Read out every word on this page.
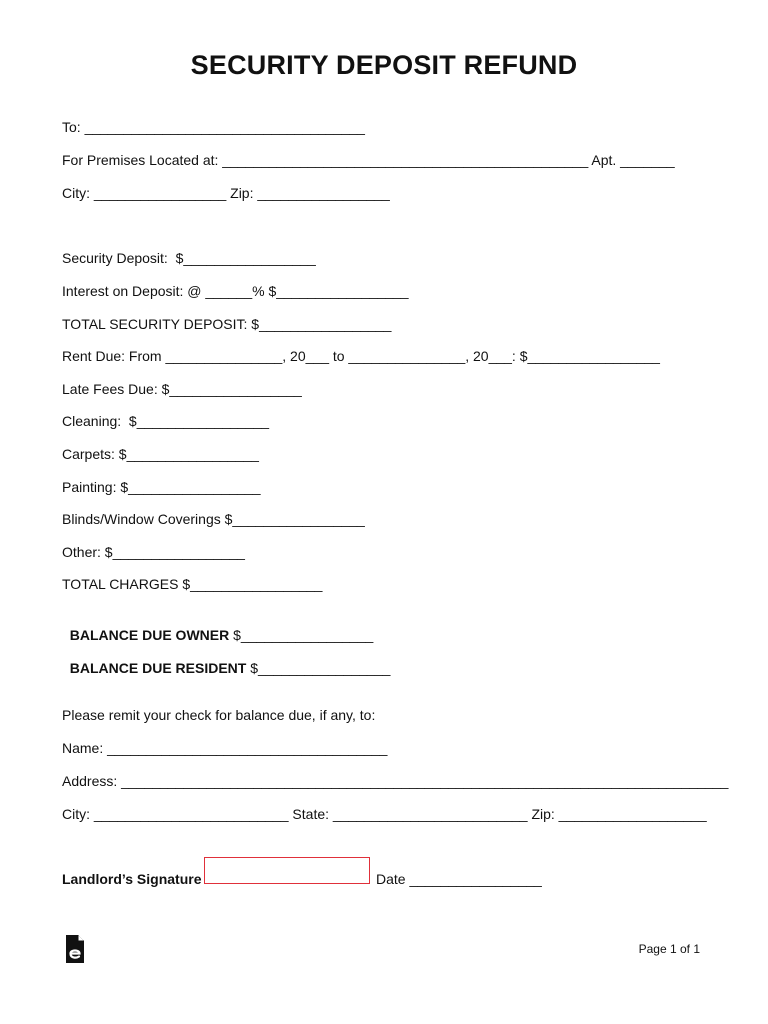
SECURITY DEPOSIT REFUND
To: ____________________________________
For Premises Located at: _______________________________________________ Apt. _______
City: _________________ Zip: _________________
Security Deposit:  $_________________
Interest on Deposit: @ ______% $_________________
TOTAL SECURITY DEPOSIT: $_________________
Rent Due: From _______________, 20___ to _______________, 20___: $_________________
Late Fees Due: $_________________
Cleaning:  $_________________
Carpets: $_________________
Painting: $_________________
Blinds/Window Coverings $_________________
Other: $_________________
TOTAL CHARGES $_________________

BALANCE DUE OWNER $_________________

BALANCE DUE RESIDENT $_________________

Please remit your check for balance due, if any, to:
Name: ____________________________________
Address: ______________________________________________________________________________
City: _________________________ State: _________________________ Zip: ___________________
Landlord’s Signature	Date _________________
Page 1 of 1
